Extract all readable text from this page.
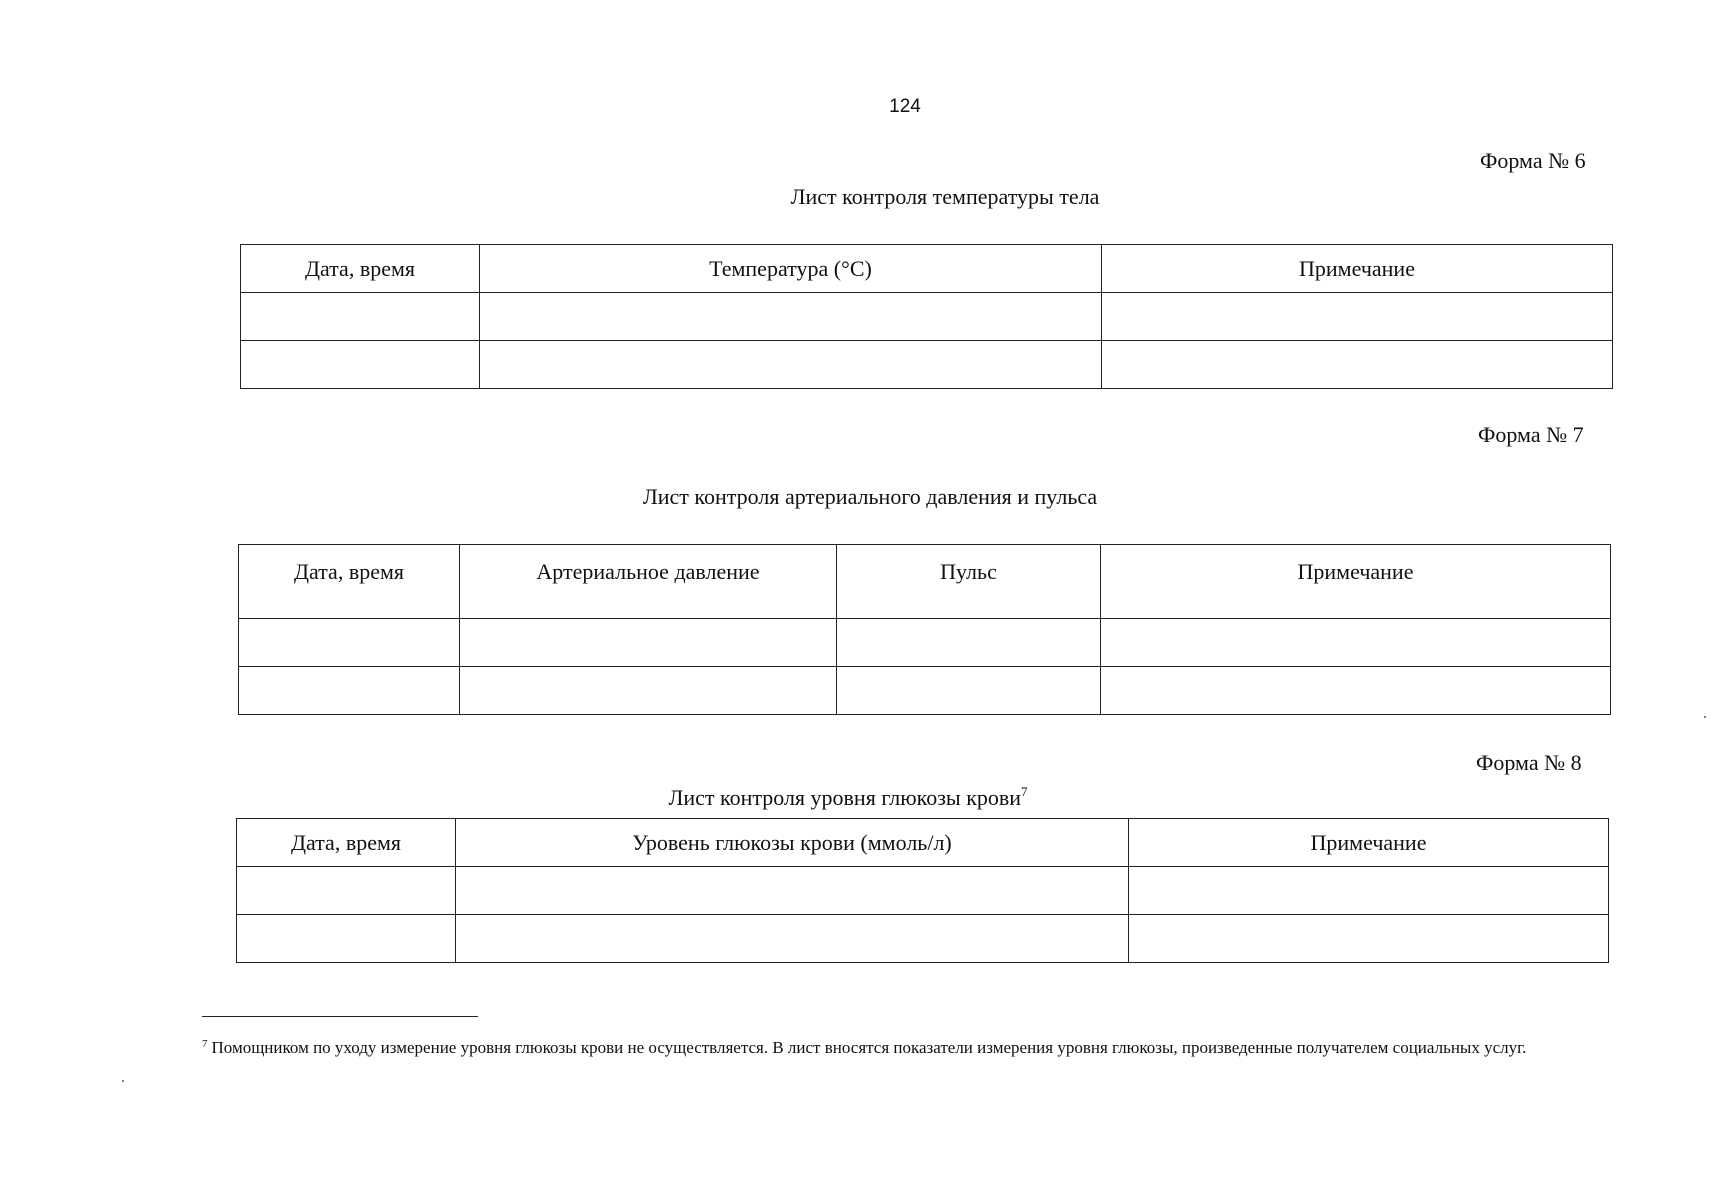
124
Форма № 6
Лист контроля температуры тела
Дата, время	Температура (°C)	Примечание

Форма № 7
Лист контроля артериального давления и пульса
Дата, время	Артериальное давление	Пульс	Примечание

Форма № 8
Лист контроля уровня глюкозы крови$^7$
Дата, время	Уровень глюкозы крови (ммоль/л)	Примечание

$^7$ Помощником по уходу измерение уровня глюкозы крови не осуществляется. В лист вносятся показатели измерения уровня глюкозы, произведенные получателем социальных услуг.
